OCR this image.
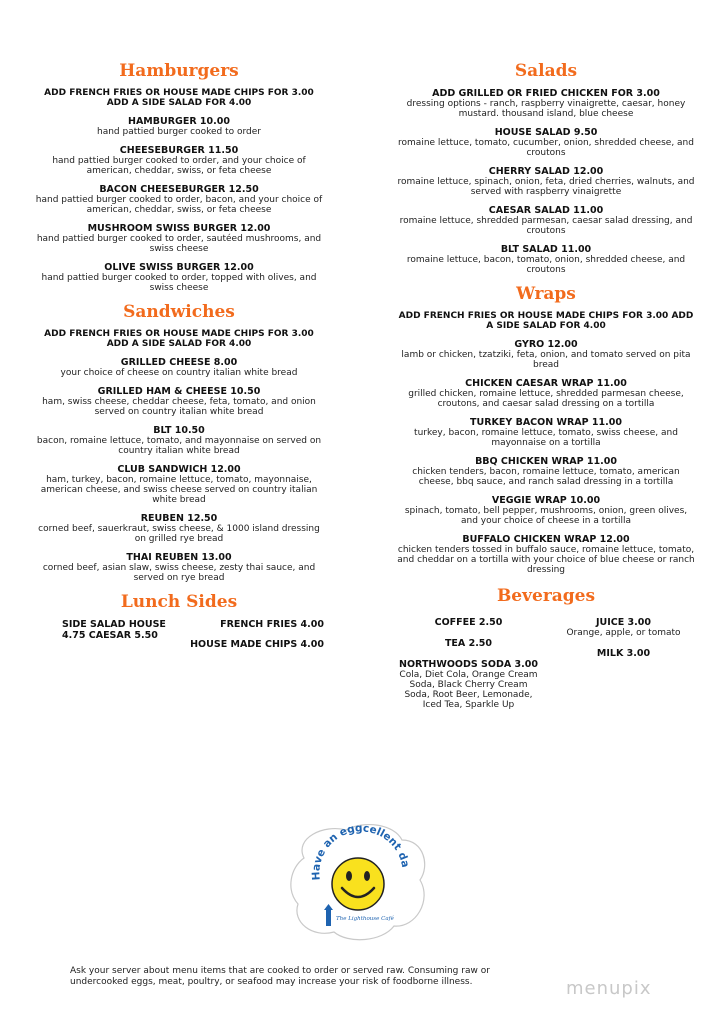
Hamburgers
ADD FRENCH FRIES OR HOUSE MADE CHIPS FOR 3.00 ADD A SIDE SALAD FOR 4.00
HAMBURGER 10.00
hand pattied burger cooked to order
CHEESEBURGER 11.50
hand pattied burger cooked to order, and your choice of american, cheddar, swiss, or feta cheese
BACON CHEESEBURGER 12.50
hand pattied burger cooked to order, bacon, and your choice of american, cheddar, swiss, or feta cheese
MUSHROOM SWISS BURGER 12.00
hand pattied burger cooked to order, sautéed mushrooms, and swiss cheese
OLIVE SWISS BURGER 12.00
hand pattied burger cooked to order, topped with olives, and swiss cheese
Sandwiches
ADD FRENCH FRIES OR HOUSE MADE CHIPS FOR 3.00 ADD A SIDE SALAD FOR 4.00
GRILLED CHEESE 8.00
your choice of cheese on country italian white bread
GRILLED HAM & CHEESE 10.50
ham, swiss cheese, cheddar cheese, feta, tomato, and onion served on country italian white bread
BLT 10.50
bacon, romaine lettuce, tomato, and mayonnaise on served on country italian white bread
CLUB SANDWICH 12.00
ham, turkey, bacon, romaine lettuce, tomato, mayonnaise, american cheese, and swiss cheese served on country italian white bread
REUBEN 12.50
corned beef, sauerkraut, swiss cheese, & 1000 island dressing on grilled rye bread
THAI REUBEN 13.00
corned beef, asian slaw, swiss cheese, zesty thai sauce, and served on rye bread
Lunch Sides
SIDE SALAD HOUSE 4.75 CAESAR 5.50
FRENCH FRIES 4.00
HOUSE MADE CHIPS 4.00
Salads
ADD GRILLED OR FRIED CHICKEN FOR 3.00
dressing options - ranch, raspberry vinaigrette, caesar, honey mustard. thousand island, blue cheese
HOUSE SALAD 9.50
romaine lettuce, tomato, cucumber, onion, shredded cheese, and croutons
CHERRY SALAD 12.00
romaine lettuce, spinach, onion, feta, dried cherries, walnuts, and served with raspberry vinaigrette
CAESAR SALAD 11.00
romaine lettuce, shredded parmesan, caesar salad dressing, and croutons
BLT SALAD 11.00
romaine lettuce, bacon, tomato, onion, shredded cheese, and croutons
Wraps
ADD FRENCH FRIES OR HOUSE MADE CHIPS FOR 3.00 ADD A SIDE SALAD FOR 4.00
GYRO 12.00
lamb or chicken, tzatziki, feta, onion, and tomato served on pita bread
CHICKEN CAESAR WRAP 11.00
grilled chicken, romaine lettuce, shredded parmesan cheese, croutons, and caesar salad dressing on a tortilla
TURKEY BACON WRAP 11.00
turkey, bacon, romaine lettuce, tomato, swiss cheese, and mayonnaise on a tortilla
BBQ CHICKEN WRAP 11.00
chicken tenders, bacon, romaine lettuce, tomato, american cheese, bbq sauce, and ranch salad dressing in a tortilla
VEGGIE WRAP 10.00
spinach, tomato, bell pepper, mushrooms, onion, green olives, and your choice of cheese in a tortilla
BUFFALO CHICKEN WRAP 12.00
chicken tenders tossed in buffalo sauce, romaine lettuce, tomato, and cheddar on a tortilla with your choice of blue cheese or ranch dressing
Beverages
COFFEE 2.50
TEA 2.50
NORTHWOODS SODA 3.00
Cola, Diet Cola, Orange Cream Soda, Black Cherry Cream Soda, Root Beer, Lemonade, Iced Tea, Sparkle Up
JUICE 3.00
Orange, apple, or tomato
MILK 3.00
Have an eggcellent da
The Lighthouse Café
Ask your server about menu items that are cooked to order or served raw. Consuming raw or undercooked eggs, meat, poultry, or seafood may increase your risk of foodborne illness.	menupix
